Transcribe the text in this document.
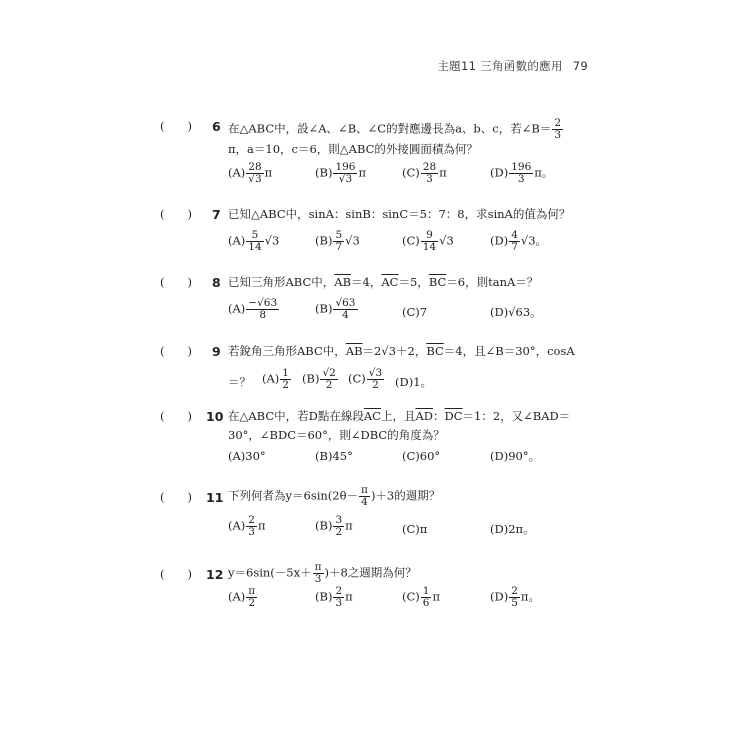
主題11 三角函數的應用 79
(　　) 6 在△ABC中，設∠A、∠B、∠C的對應邊長為a、b、c，若∠B＝ $\frac{2}{3}$
π，a＝10，c＝6，則△ABC的外接圓面積為何？
$(A) \frac{28}{√3}$ π	$(B) \frac{196}{√3}$ π	$(C) \frac{28}{3}$ π	$(D) \frac{196}{3}$ π。
(　　) 7 已知△ABC中，sinA：sinB：sinC＝5：7：8，求sinA的值為何？
$(A) \frac{5}{14} √3$	$(B) \frac{5}{7} √3$	$(C) \frac{9}{14} √3$	$(D) \frac{4}{7} √3$。
(　　) 8 已知三角形ABC中，$\overline{AB}=4$，$\overline{AC}=5$，$\overline{BC}=6$，則tanA＝？
$(A) \frac{-√63}{8}$	$(B) \frac{√63}{4}$	(C)7	(D)√63。
(　　) 9 若銳角三角形ABC中，$\overline{AB}=2√3+2$，$\overline{BC}=4$，且∠B＝30°，cosA
＝？ $(A) \frac{1}{2} (B) \frac{√2}{2} (C) \frac{√3}{2} (D)1$。
(　　) 10 在△ABC中，若D點在線段$\overline{AC}$上，且$\overline{AD}$：$\overline{DC}=1$：2，又∠BAD＝
30°，∠BDC＝60°，則∠DBC的角度為？
(A)30°	(B)45°	(C)60°	(D)90°。
(　　) 11 下列何者為$y=6\sin(2\theta- \frac{\pi}{4} )+3$的週期？
$(A) \frac{2}{3}$ π	$(B) \frac{3}{2}$ π	(C)π	(D)2π。
(　　) 12 $y=6\sin(-5x+ \frac{\pi}{3} )+8$之週期為何？
$(A) \frac{\pi}{2}$	$(B) \frac{2}{3}$ π	$(C) \frac{1}{6}$ π	$(D) \frac{2}{5}$ π。
